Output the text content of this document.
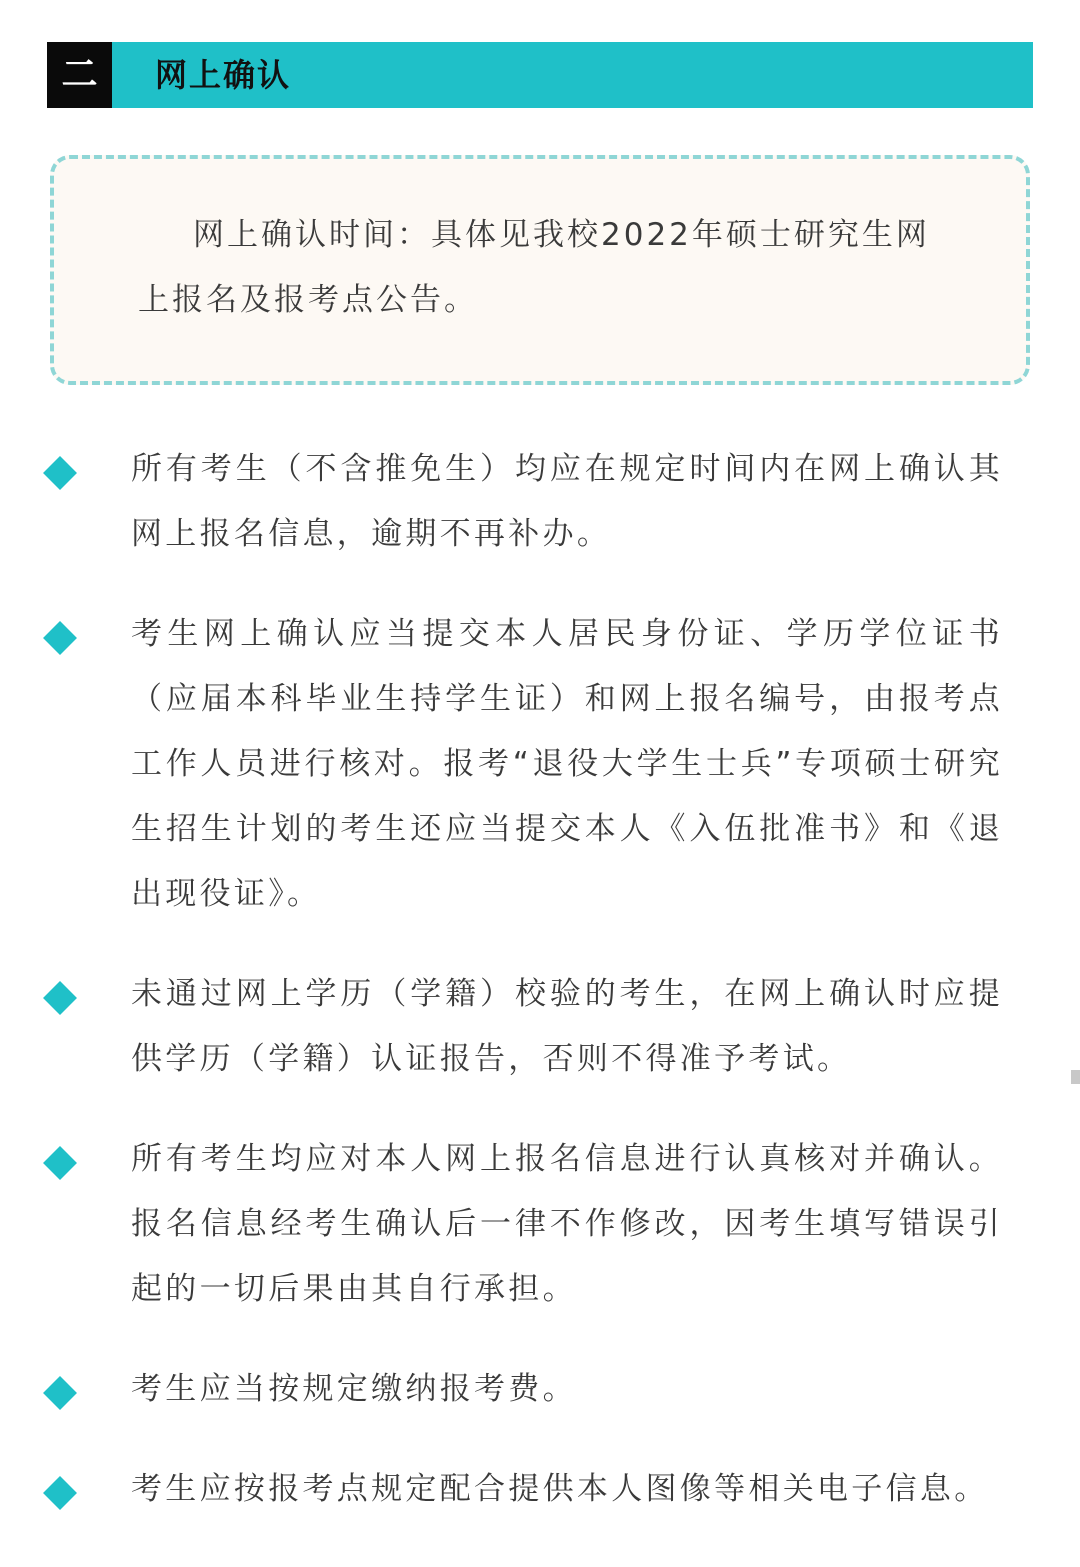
二	网上确认

网上确认时间：具体见我校2022年硕士研究生网上报名及报考点公告。

所有考生（不含推免生）均应在规定时间内在网上确认其网上报名信息，逾期不再补办。

考生网上确认应当提交本人居民身份证、学历学位证书（应届本科毕业生持学生证）和网上报名编号，由报考点工作人员进行核对。报考“退役大学生士兵”专项硕士研究生招生计划的考生还应当提交本人《入伍批准书》和《退出现役证》。

未通过网上学历（学籍）校验的考生，在网上确认时应提供学历（学籍）认证报告，否则不得准予考试。

所有考生均应对本人网上报名信息进行认真核对并确认。报名信息经考生确认后一律不作修改，因考生填写错误引起的一切后果由其自行承担。

考生应当按规定缴纳报考费。

考生应按报考点规定配合提供本人图像等相关电子信息。
